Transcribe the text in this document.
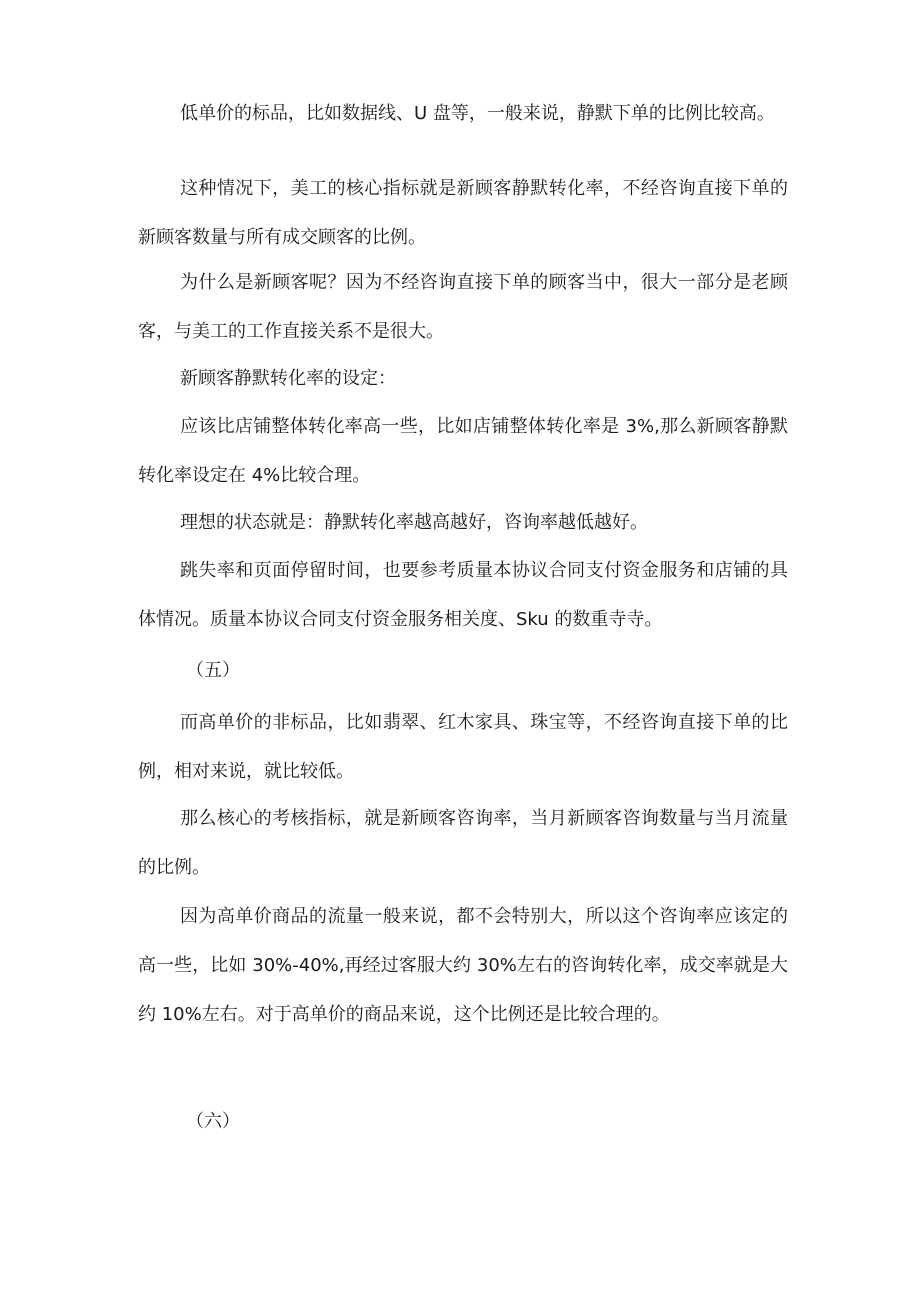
低单价的标品，比如数据线、U 盘等，一般来说，静默下单的比例比较高。

这种情况下，美工的核心指标就是新顾客静默转化率，不经咨询直接下单的新顾客数量与所有成交顾客的比例。

为什么是新顾客呢？因为不经咨询直接下单的顾客当中，很大一部分是老顾客，与美工的工作直接关系不是很大。

新顾客静默转化率的设定：

应该比店铺整体转化率高一些，比如店铺整体转化率是 3%,那么新顾客静默转化率设定在 4%比较合理。

理想的状态就是：静默转化率越高越好，咨询率越低越好。

跳失率和页面停留时间，也要参考质量本协议合同支付资金服务和店铺的具体情况。质量本协议合同支付资金服务相关度、Sku 的数重寺寺。

（五）

而高单价的非标品，比如翡翠、红木家具、珠宝等，不经咨询直接下单的比例，相对来说，就比较低。

那么核心的考核指标，就是新顾客咨询率，当月新顾客咨询数量与当月流量的比例。

因为高单价商品的流量一般来说，都不会特别大，所以这个咨询率应该定的高一些，比如 30%-40%,再经过客服大约 30%左右的咨询转化率，成交率就是大约 10%左右。对于高单价的商品来说，这个比例还是比较合理的。

（六）
